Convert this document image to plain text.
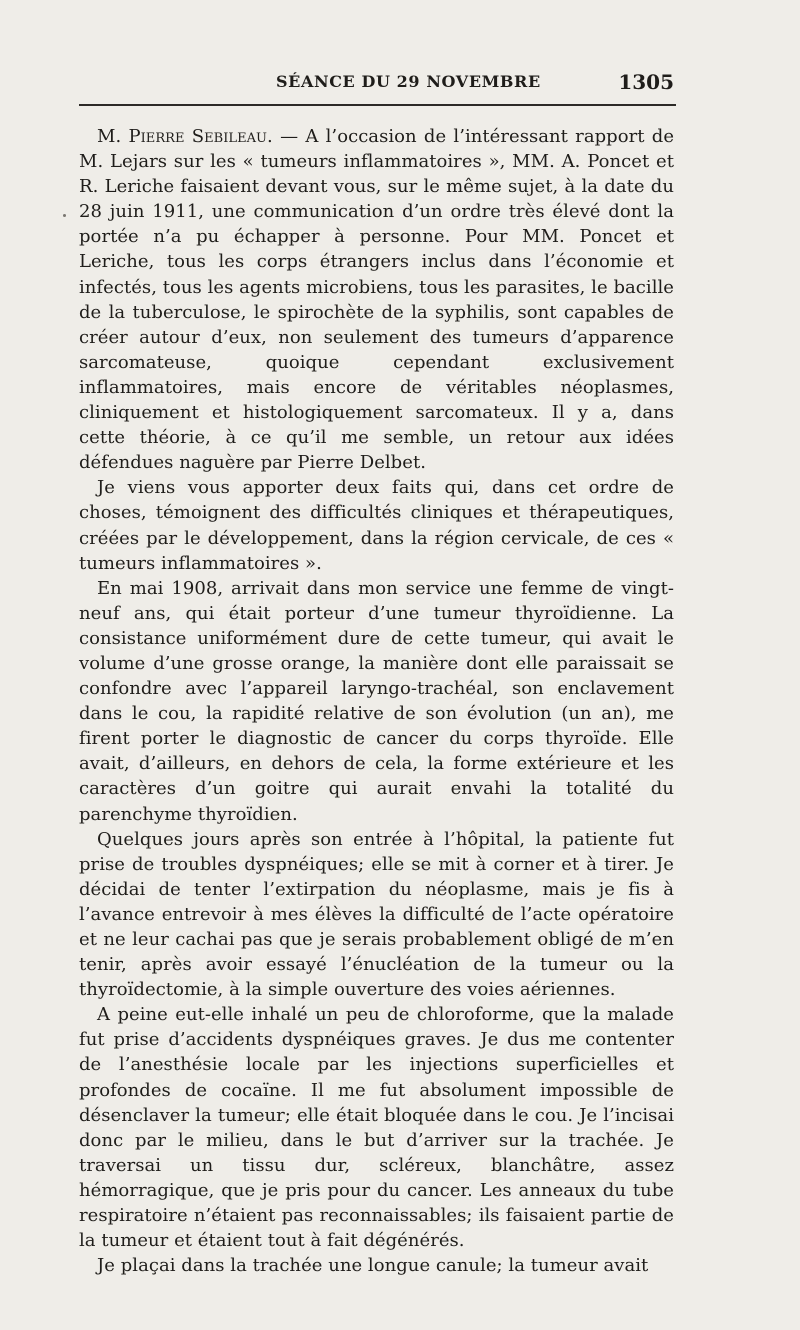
SÉANCE DU 29 NOVEMBRE	1305

M. Pierre Sebileau. — A l’occasion de l’intéressant rapport de M. Lejars sur les « tumeurs inflammatoires », MM. A. Poncet et R. Leriche faisaient devant vous, sur le même sujet, à la date du 28 juin 1911, une communication d’un ordre très élevé dont la portée n’a pu échapper à personne. Pour MM. Poncet et Leriche, tous les corps étrangers inclus dans l’économie et infectés, tous les agents microbiens, tous les parasites, le bacille de la tuberculose, le spirochète de la syphilis, sont capables de créer autour d’eux, non seulement des tumeurs d’apparence sarcomateuse, quoique cependant exclusivement inflammatoires, mais encore de véritables néoplasmes, cliniquement et histologiquement sarcomateux. Il y a, dans cette théorie, à ce qu’il me semble, un retour aux idées défendues naguère par Pierre Delbet.

Je viens vous apporter deux faits qui, dans cet ordre de choses, témoignent des difficultés cliniques et thérapeutiques, créées par le développement, dans la région cervicale, de ces « tumeurs inflammatoires ».

En mai 1908, arrivait dans mon service une femme de vingt-neuf ans, qui était porteur d’une tumeur thyroïdienne. La consistance uniformément dure de cette tumeur, qui avait le volume d’une grosse orange, la manière dont elle paraissait se confondre avec l’appareil laryngo-trachéal, son enclavement dans le cou, la rapidité relative de son évolution (un an), me firent porter le diagnostic de cancer du corps thyroïde. Elle avait, d’ailleurs, en dehors de cela, la forme extérieure et les caractères d’un goitre qui aurait envahi la totalité du parenchyme thyroïdien.

Quelques jours après son entrée à l’hôpital, la patiente fut prise de troubles dyspnéiques; elle se mit à corner et à tirer. Je décidai de tenter l’extirpation du néoplasme, mais je fis à l’avance entrevoir à mes élèves la difficulté de l’acte opératoire et ne leur cachai pas que je serais probablement obligé de m’en tenir, après avoir essayé l’énucléation de la tumeur ou la thyroïdectomie, à la simple ouverture des voies aériennes.

A peine eut-elle inhalé un peu de chloroforme, que la malade fut prise d’accidents dyspnéiques graves. Je dus me contenter de l’anesthésie locale par les injections superficielles et profondes de cocaïne. Il me fut absolument impossible de désenclaver la tumeur; elle était bloquée dans le cou. Je l’incisai donc par le milieu, dans le but d’arriver sur la trachée. Je traversai un tissu dur, scléreux, blanchâtre, assez hémorragique, que je pris pour du cancer. Les anneaux du tube respiratoire n’étaient pas reconnaissables; ils faisaient partie de la tumeur et étaient tout à fait dégénérés.

Je plaçai dans la trachée une longue canule; la tumeur avait
